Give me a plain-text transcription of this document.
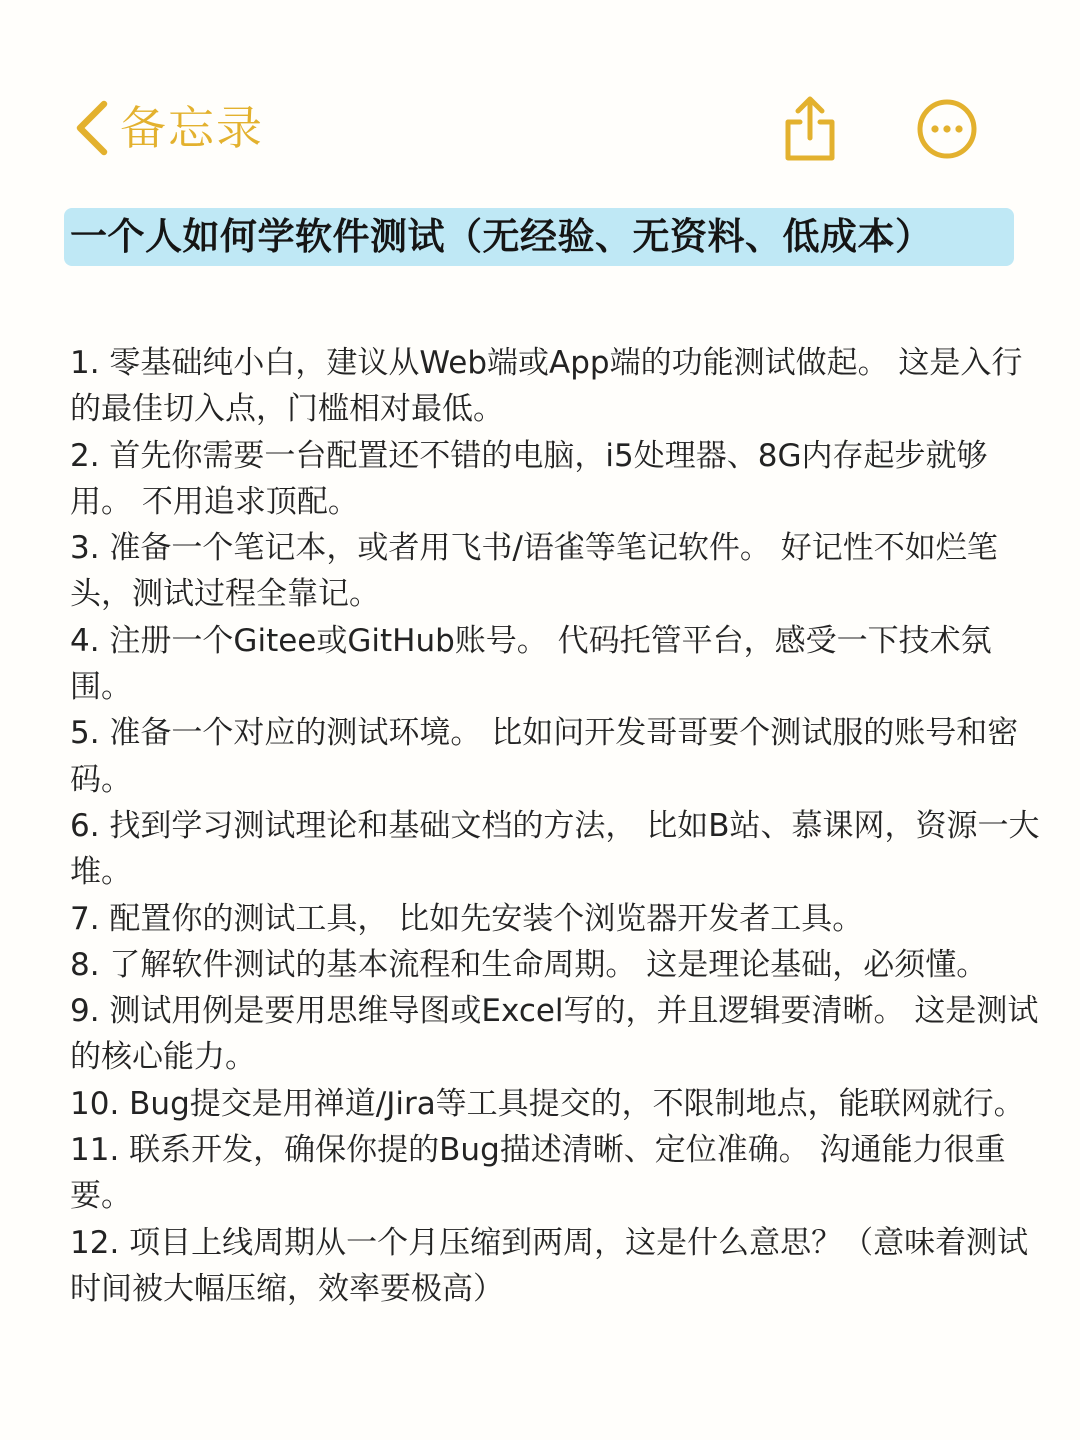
备忘录
一个人如何学软件测试（无经验、无资料、低成本）

1. 零基础纯小白，建议从Web端或App端的功能测试做起。 这是入行的最佳切入点，门槛相对最低。

2. 首先你需要一台配置还不错的电脑，i5处理器、8G内存起步就够用。 不用追求顶配。

3. 准备一个笔记本，或者用飞书/语雀等笔记软件。 好记性不如烂笔头，测试过程全靠记。

4. 注册一个Gitee或GitHub账号。 代码托管平台，感受一下技术氛围。

5. 准备一个对应的测试环境。 比如问开发哥哥要个测试服的账号和密码。

6. 找到学习测试理论和基础文档的方法， 比如B站、慕课网，资源一大堆。

7. 配置你的测试工具， 比如先安装个浏览器开发者工具。

8. 了解软件测试的基本流程和生命周期。 这是理论基础，必须懂。

9. 测试用例是要用思维导图或Excel写的，并且逻辑要清晰。 这是测试的核心能力。

10. Bug提交是用禅道/Jira等工具提交的，不限制地点，能联网就行。

11. 联系开发，确保你提的Bug描述清晰、定位准确。 沟通能力很重要。

12. 项目上线周期从一个月压缩到两周，这是什么意思？（意味着测试时间被大幅压缩，效率要极高）
